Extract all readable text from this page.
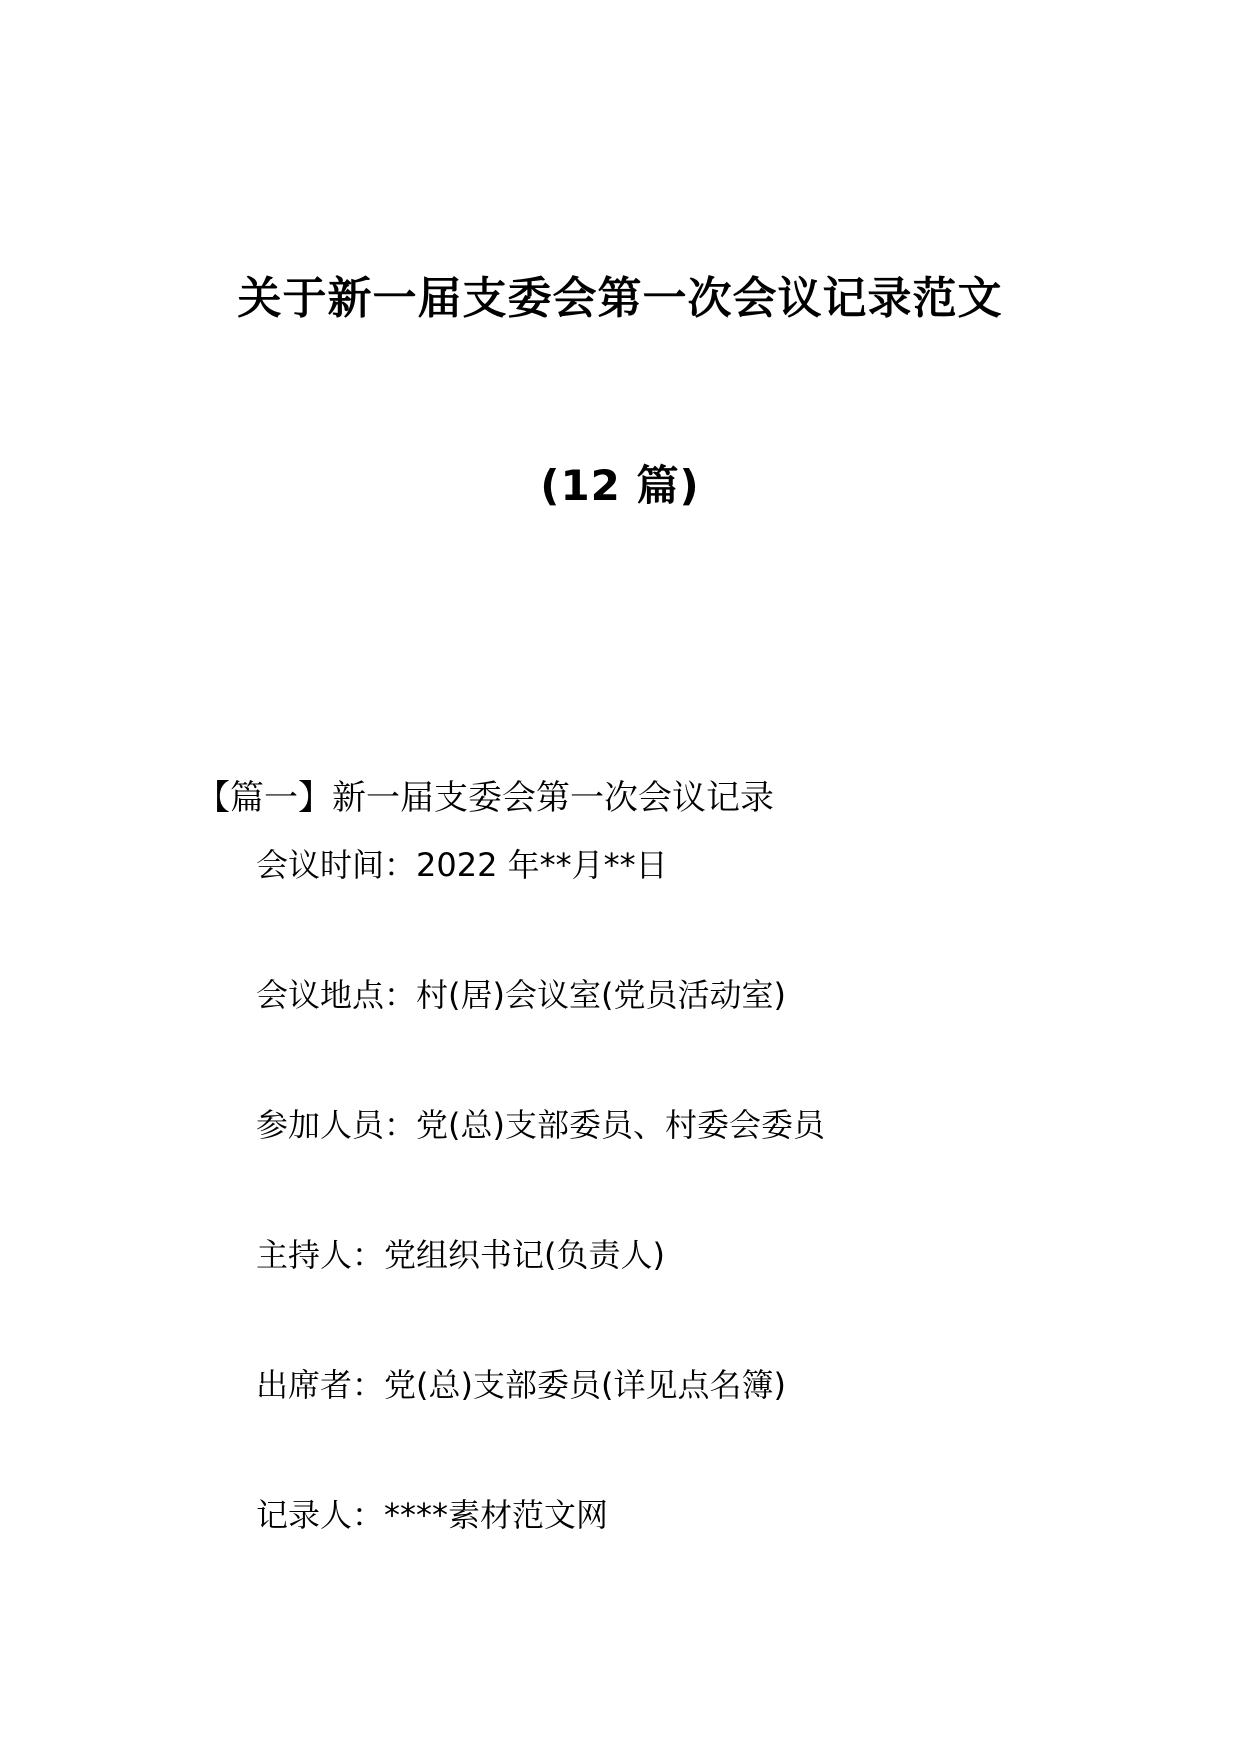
关于新一届支委会第一次会议记录范文
(12 篇)
【篇一】新一届支委会第一次会议记录
会议时间：2022 年**月**日
会议地点：村(居)会议室(党员活动室)
参加人员：党(总)支部委员、村委会委员
主持人：党组织书记(负责人)
出席者：党(总)支部委员(详见点名簿)
记录人：****素材范文网
